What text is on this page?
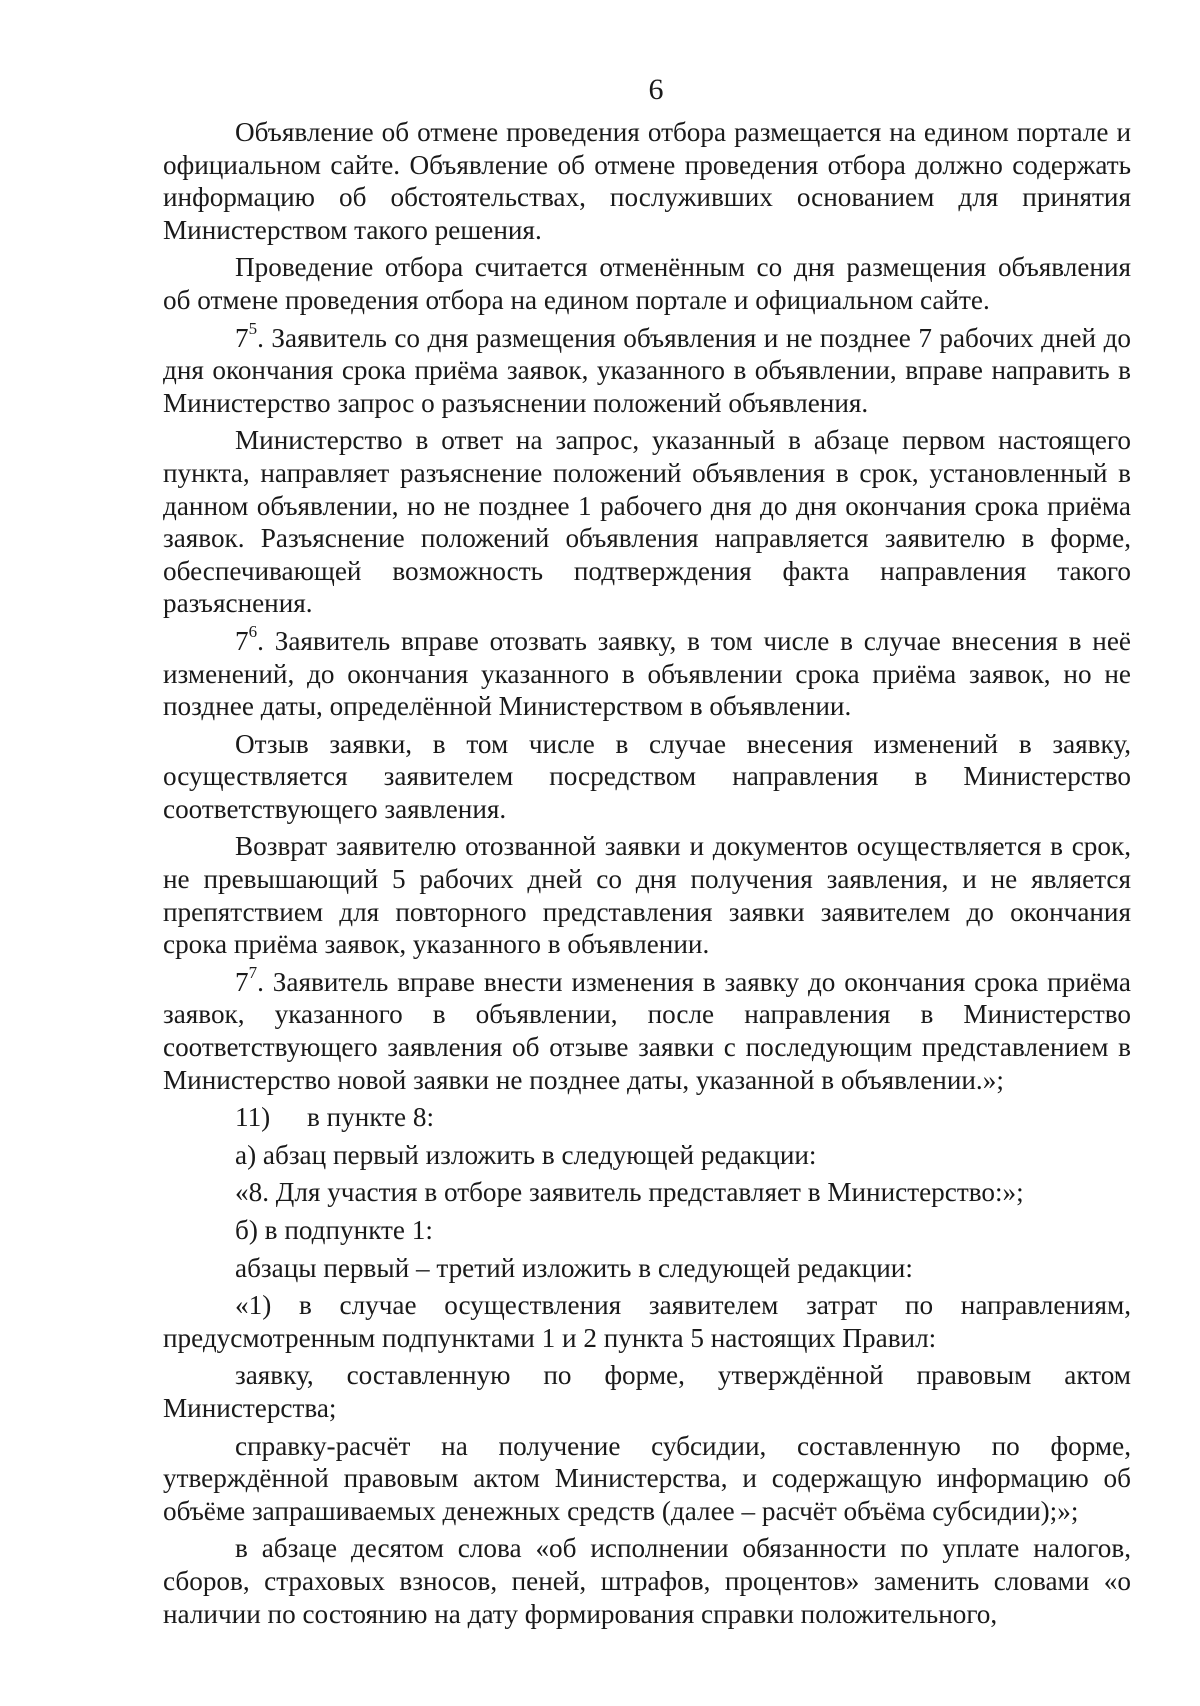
6

Объявление об отмене проведения отбора размещается на едином портале и официальном сайте. Объявление об отмене проведения отбора должно содержать информацию об обстоятельствах, послуживших основанием для принятия Министерством такого решения.

Проведение отбора считается отменённым со дня размещения объявления об отмене проведения отбора на едином портале и официальном сайте.

$7^5$. Заявитель со дня размещения объявления и не позднее 7 рабочих дней до дня окончания срока приёма заявок, указанного в объявлении, вправе направить в Министерство запрос о разъяснении положений объявления.

Министерство в ответ на запрос, указанный в абзаце первом настоящего пункта, направляет разъяснение положений объявления в срок, установленный в данном объявлении, но не позднее 1 рабочего дня до дня окончания срока приёма заявок. Разъяснение положений объявления направляется заявителю в форме, обеспечивающей возможность подтверждения факта направления такого разъяснения.

$7^6$. Заявитель вправе отозвать заявку, в том числе в случае внесения в неё изменений, до окончания указанного в объявлении срока приёма заявок, но не позднее даты, определённой Министерством в объявлении.

Отзыв заявки, в том числе в случае внесения изменений в заявку, осуществляется заявителем посредством направления в Министерство соответствующего заявления.

Возврат заявителю отозванной заявки и документов осуществляется в срок, не превышающий 5 рабочих дней со дня получения заявления, и не является препятствием для повторного представления заявки заявителем до окончания срока приёма заявок, указанного в объявлении.

$7^7$. Заявитель вправе внести изменения в заявку до окончания срока приёма заявок, указанного в объявлении, после направления в Министерство соответствующего заявления об отзыве заявки с последующим представлением в Министерство новой заявки не позднее даты, указанной в объявлении.»;

11) в пункте 8:

а) абзац первый изложить в следующей редакции:

«8. Для участия в отборе заявитель представляет в Министерство:»;

б) в подпункте 1:

абзацы первый – третий изложить в следующей редакции:

«1) в случае осуществления заявителем затрат по направлениям, предусмотренным подпунктами 1 и 2 пункта 5 настоящих Правил:

заявку, составленную по форме, утверждённой правовым актом Министерства;

справку-расчёт на получение субсидии, составленную по форме, утверждённой правовым актом Министерства, и содержащую информацию об объёме запрашиваемых денежных средств (далее – расчёт объёма субсидии);»;

в абзаце десятом слова «об исполнении обязанности по уплате налогов, сборов, страховых взносов, пеней, штрафов, процентов» заменить словами «о наличии по состоянию на дату формирования справки положительного,
